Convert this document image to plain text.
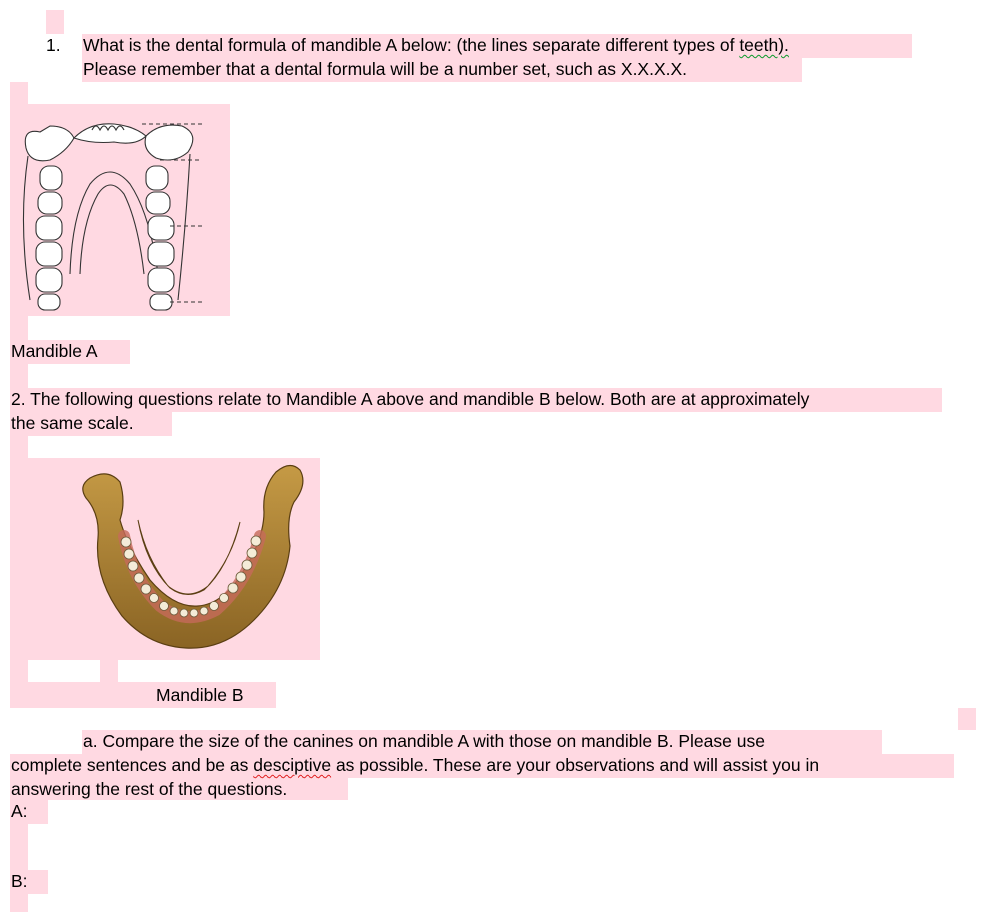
1. What is the dental formula of mandible A below: (the lines separate different types of teeth).
Please remember that a dental formula will be a number set, such as X.X.X.X.
Mandible A
2. The following questions relate to Mandible A above and mandible B below. Both are at approximately
the same scale.
Mandible B
a. Compare the size of the canines on mandible A with those on mandible B. Please use
complete sentences and be as desciptive as possible. These are your observations and will assist you in
answering the rest of the questions.
A:
B:
